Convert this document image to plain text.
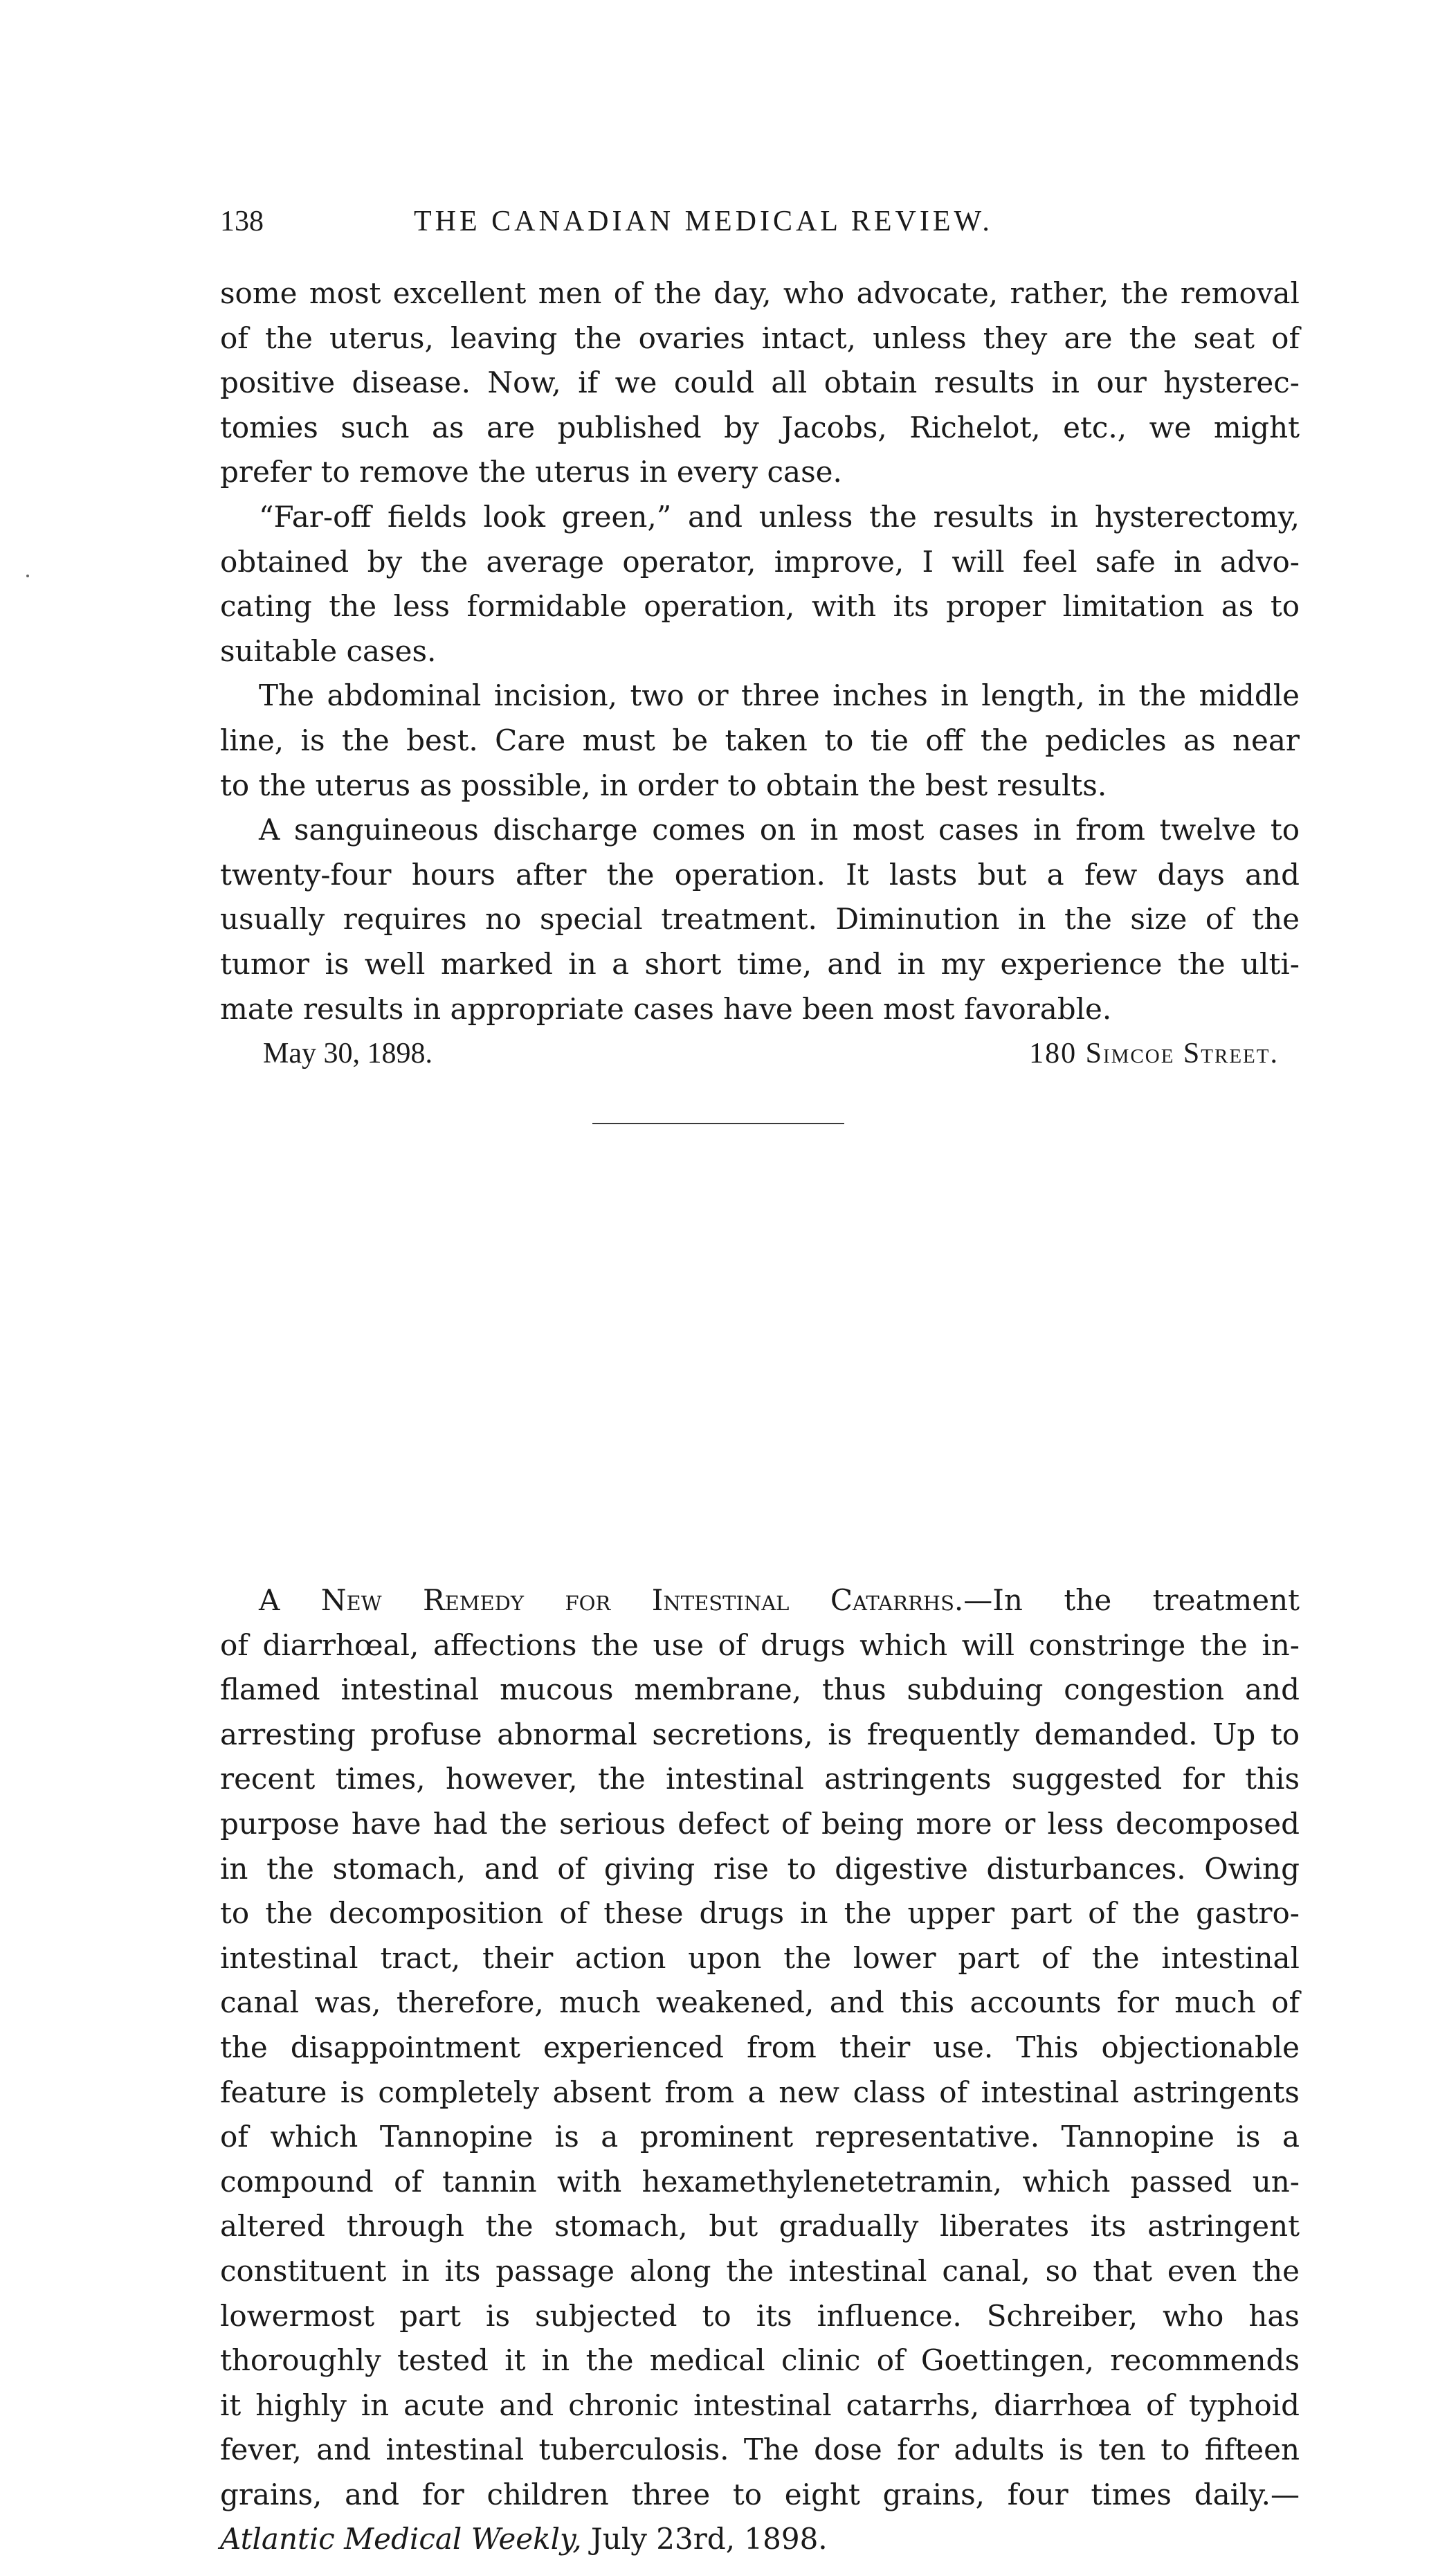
138	THE CANADIAN MEDICAL REVIEW.
some most excellent men of the day, who advocate, rather, the removal
of the uterus, leaving the ovaries intact, unless they are the seat of
positive disease. Now, if we could all obtain results in our hysterec-
tomies such as are published by Jacobs, Richelot, etc., we might
prefer to remove the uterus in every case.
“Far-off fields look green,” and unless the results in hysterectomy,
obtained by the average operator, improve, I will feel safe in advo-
cating the less formidable operation, with its proper limitation as to
suitable cases.
The abdominal incision, two or three inches in length, in the middle
line, is the best. Care must be taken to tie off the pedicles as near
to the uterus as possible, in order to obtain the best results.
A sanguineous discharge comes on in most cases in from twelve to
twenty-four hours after the operation. It lasts but a few days and
usually requires no special treatment. Diminution in the size of the
tumor is well marked in a short time, and in my experience the ulti-
mate results in appropriate cases have been most favorable.
May 30, 1898.	180 Simcoe Street.
A New Remedy for Intestinal Catarrhs.—In the treatment
of diarrhœal, affections the use of drugs which will constringe the in-
flamed intestinal mucous membrane, thus subduing congestion and
arresting profuse abnormal secretions, is frequently demanded. Up to
recent times, however, the intestinal astringents suggested for this
purpose have had the serious defect of being more or less decomposed
in the stomach, and of giving rise to digestive disturbances. Owing
to the decomposition of these drugs in the upper part of the gastro-
intestinal tract, their action upon the lower part of the intestinal
canal was, therefore, much weakened, and this accounts for much of
the disappointment experienced from their use. This objectionable
feature is completely absent from a new class of intestinal astringents
of which Tannopine is a prominent representative. Tannopine is a
compound of tannin with hexamethylenetetramin, which passed un-
altered through the stomach, but gradually liberates its astringent
constituent in its passage along the intestinal canal, so that even the
lowermost part is subjected to its influence. Schreiber, who has
thoroughly tested it in the medical clinic of Goettingen, recommends
it highly in acute and chronic intestinal catarrhs, diarrhœa of typhoid
fever, and intestinal tuberculosis. The dose for adults is ten to fifteen
grains, and for children three to eight grains, four times daily.—
Atlantic Medical Weekly, July 23rd, 1898.
